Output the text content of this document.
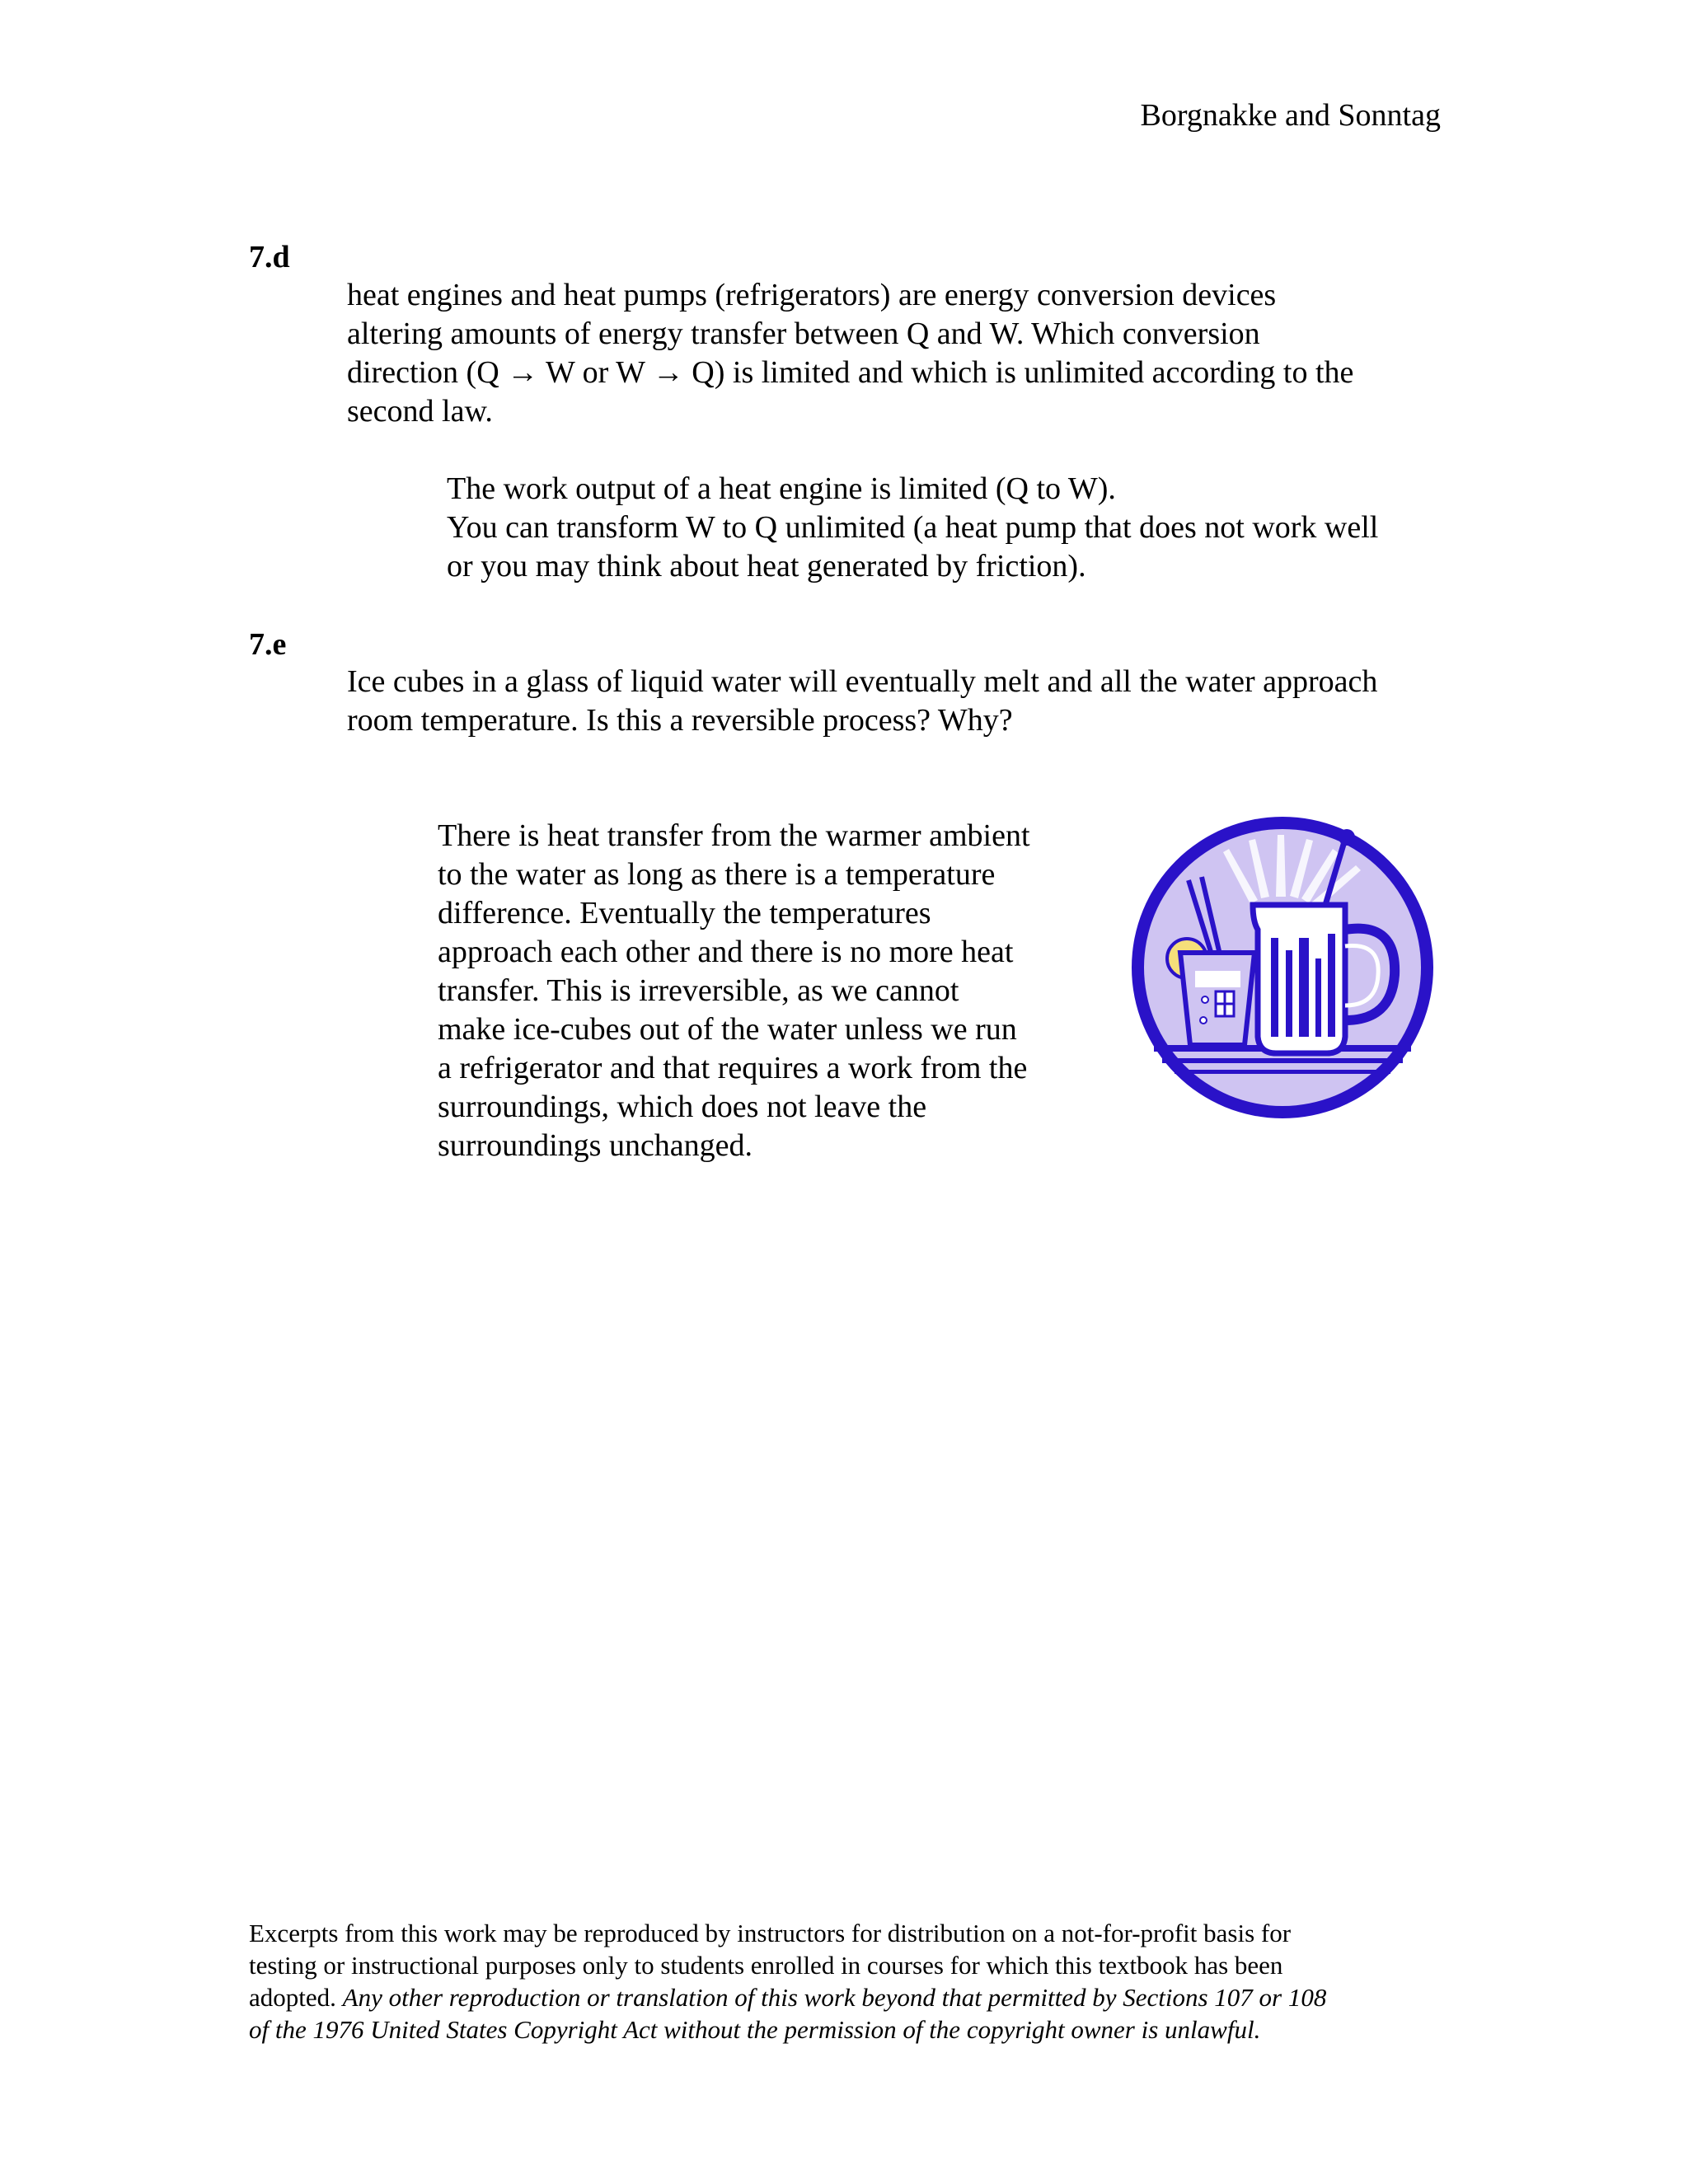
Borgnakke and Sonntag
7.d
heat engines and heat pumps (refrigerators) are energy conversion devices
altering amounts of energy transfer between Q and W. Which conversion
direction (Q → W or W → Q) is limited and which is unlimited according to the
second law.
The work output of a heat engine is limited (Q to W).
You can transform W to Q unlimited (a heat pump that does not work well
or you may think about heat generated by friction).
7.e
Ice cubes in a glass of liquid water will eventually melt and all the water approach
room temperature. Is this a reversible process? Why?
There is heat transfer from the warmer ambient
to the water as long as there is a temperature
difference. Eventually the temperatures
approach each other and there is no more heat
transfer. This is irreversible, as we cannot
make ice-cubes out of the water unless we run
a refrigerator and that requires a work from the
surroundings, which does not leave the
surroundings unchanged.
Excerpts from this work may be reproduced by instructors for distribution on a not-for-profit basis for
testing or instructional purposes only to students enrolled in courses for which this textbook has been
adopted. Any other reproduction or translation of this work beyond that permitted by Sections 107 or 108
of the 1976 United States Copyright Act without the permission of the copyright owner is unlawful.
